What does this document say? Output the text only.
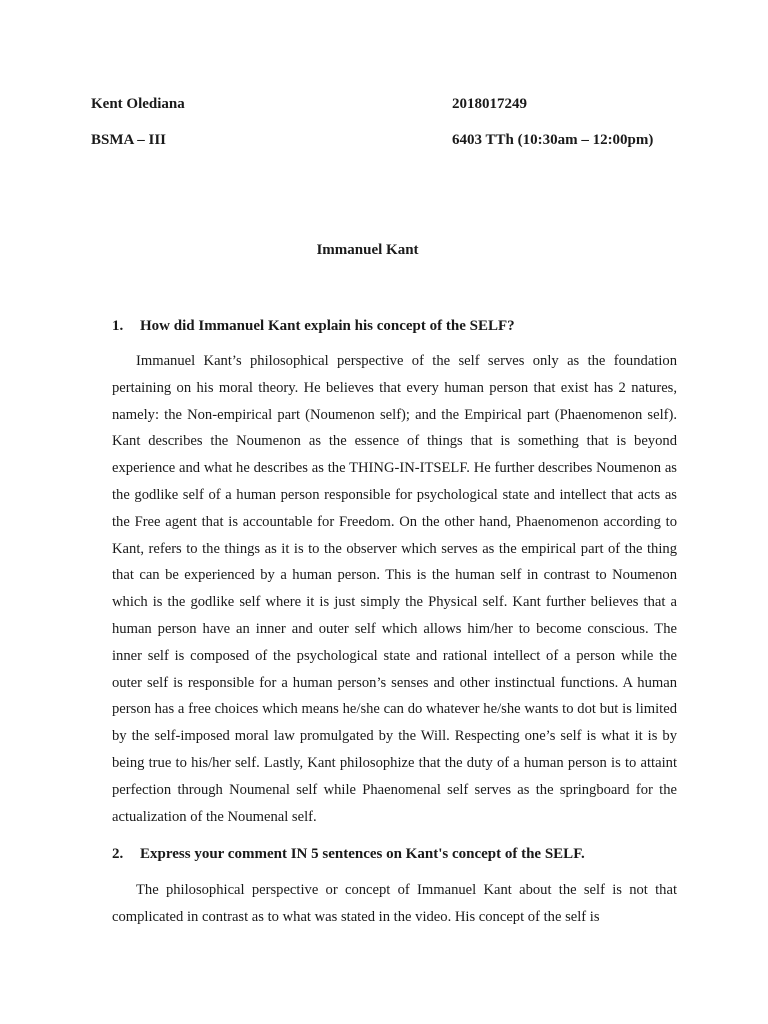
Kent Olediana	2018017249
BSMA – III	6403 TTh (10:30am – 12:00pm)
Immanuel Kant
1. How did Immanuel Kant explain his concept of the SELF?

Immanuel Kant’s philosophical perspective of the self serves only as the foundation pertaining on his moral theory. He believes that every human person that exist has 2 natures, namely: the Non-empirical part (Noumenon self); and the Empirical part (Phaenomenon self). Kant describes the Noumenon as the essence of things that is something that is beyond experience and what he describes as the THING-IN-ITSELF. He further describes Noumenon as the godlike self of a human person responsible for psychological state and intellect that acts as the Free agent that is accountable for Freedom. On the other hand, Phaenomenon according to Kant, refers to the things as it is to the observer which serves as the empirical part of the thing that can be experienced by a human person. This is the human self in contrast to Noumenon which is the godlike self where it is just simply the Physical self. Kant further believes that a human person have an inner and outer self which allows him/her to become conscious. The inner self is composed of the psychological state and rational intellect of a person while the outer self is responsible for a human person’s senses and other instinctual functions. A human person has a free choices which means he/she can do whatever he/she wants to dot but is limited by the self-imposed moral law promulgated by the Will. Respecting one’s self is what it is by being true to his/her self. Lastly, Kant philosophize that the duty of a human person is to attaint perfection through Noumenal self while Phaenomenal self serves as the springboard for the actualization of the Noumenal self.

2. Express your comment IN 5 sentences on Kant's concept of the SELF.

The philosophical perspective or concept of Immanuel Kant about the self is not that complicated in contrast as to what was stated in the video. His concept of the self is
